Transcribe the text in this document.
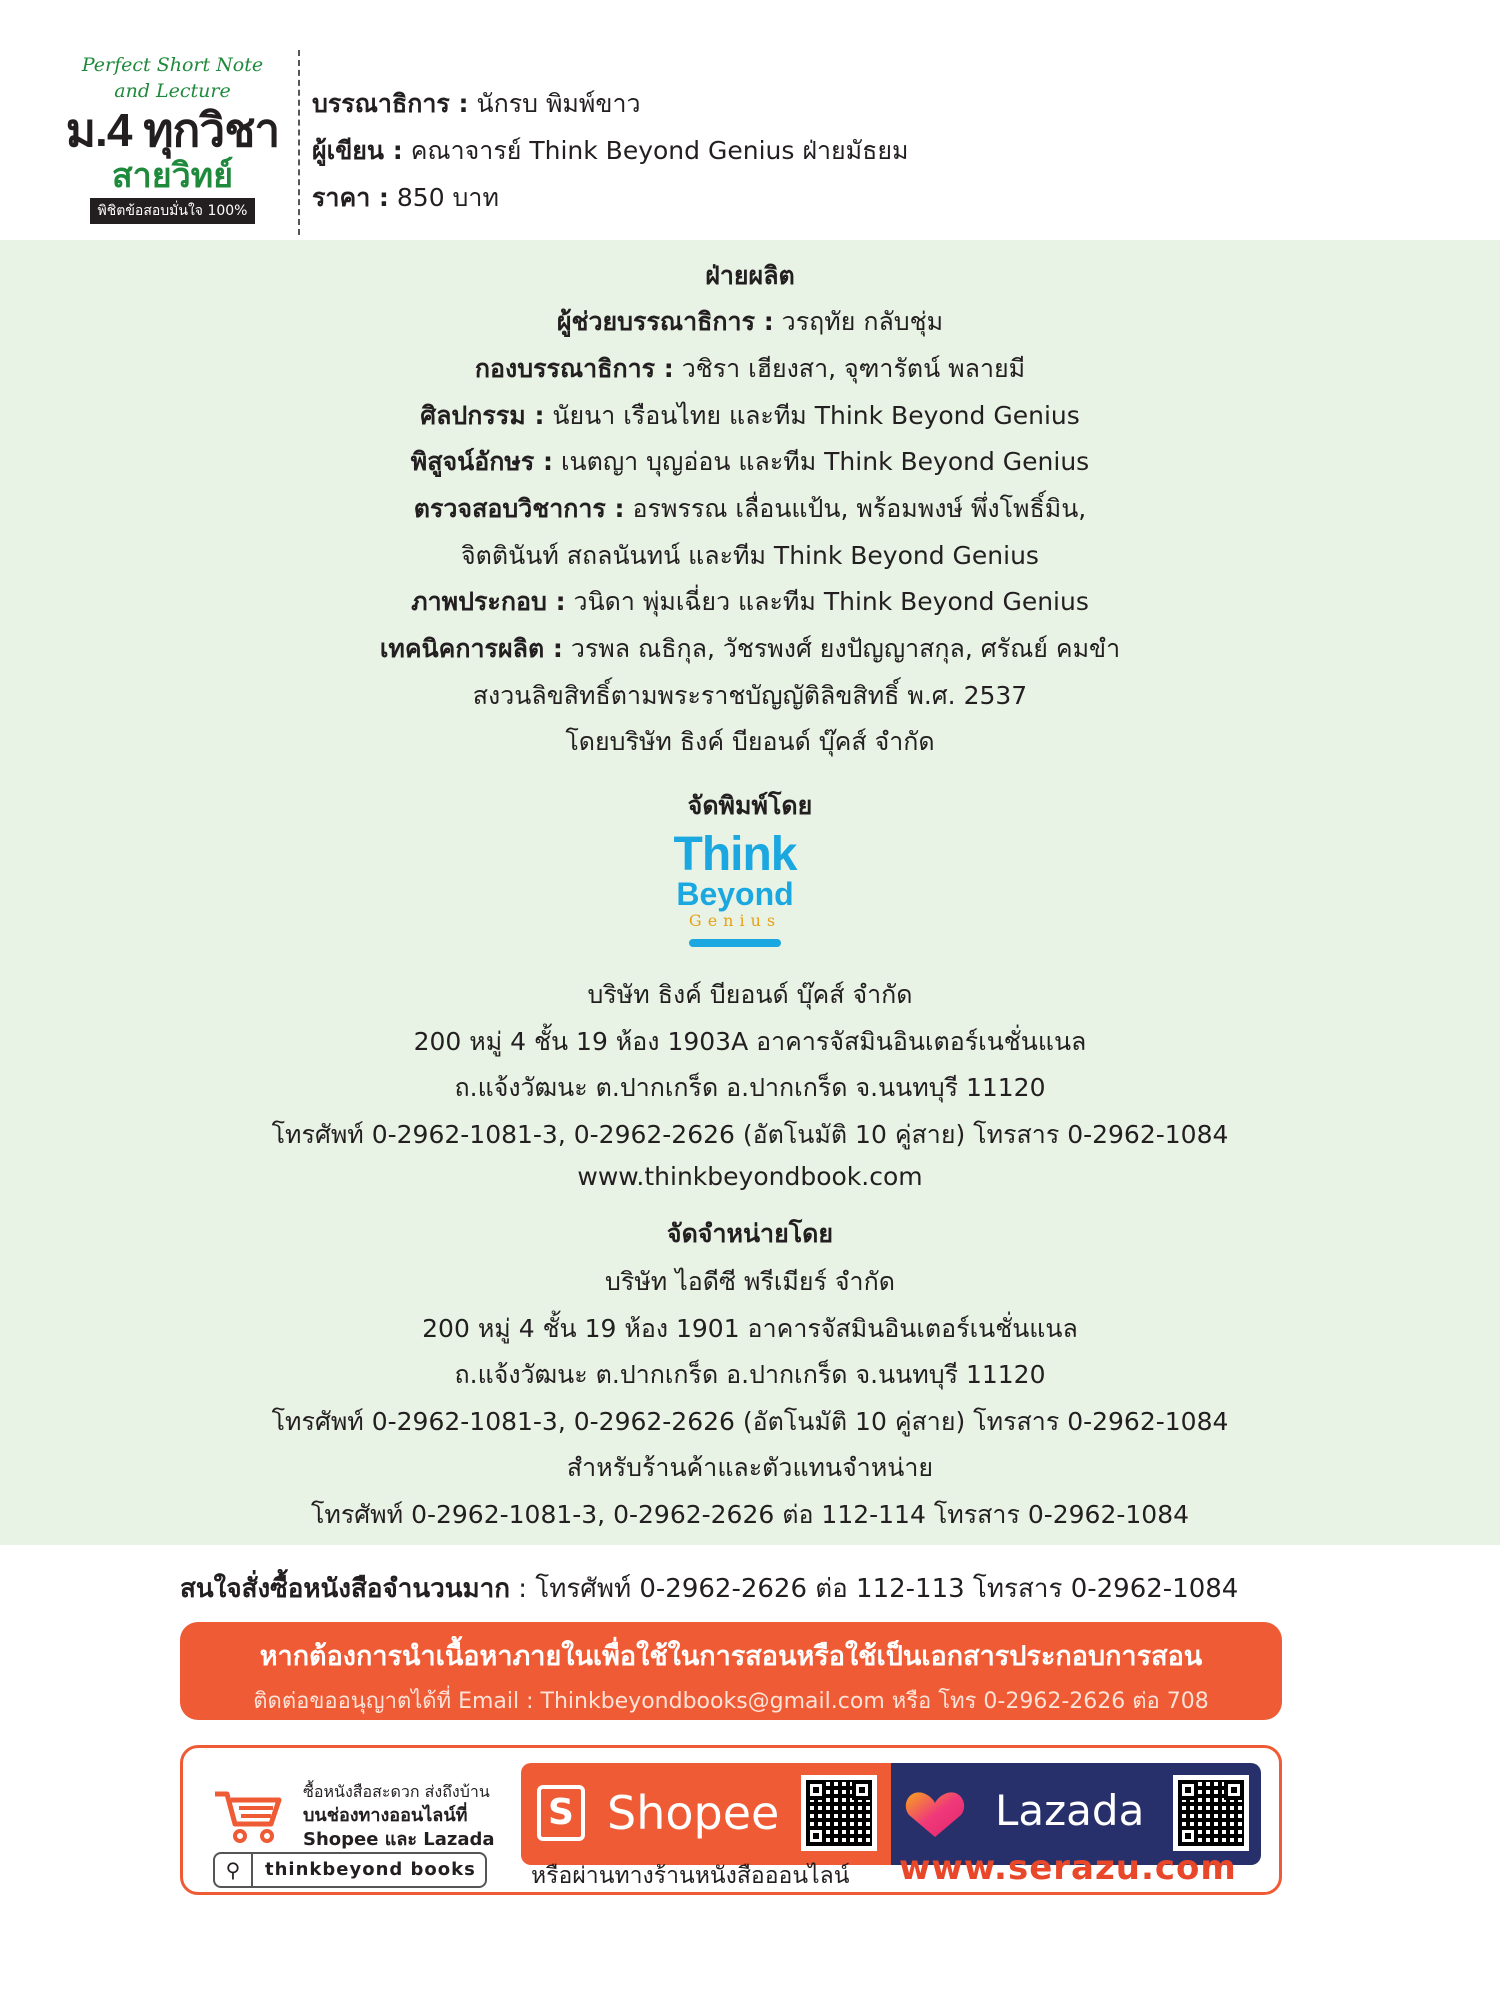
Perfect Short Note
and Lecture
ม.4 ทุกวิชา
สายวิทย์
พิชิตข้อสอบมั่นใจ 100%
บรรณาธิการ : นักรบ พิมพ์ขาว
ผู้เขียน : คณาจารย์ Think Beyond Genius ฝ่ายมัธยม
ราคา : 850 บาท
ฝ่ายผลิต
ผู้ช่วยบรรณาธิการ : วรฤทัย กลับชุ่ม
กองบรรณาธิการ : วชิรา เฮียงสา, จุฑารัตน์ พลายมี
ศิลปกรรม : นัยนา เรือนไทย และทีม Think Beyond Genius
พิสูจน์อักษร : เนตญา บุญอ่อน และทีม Think Beyond Genius
ตรวจสอบวิชาการ : อรพรรณ เลื่อนแป้น, พร้อมพงษ์ พึ่งโพธิ์มิน,
จิตตินันท์ สถลนันทน์ และทีม Think Beyond Genius
ภาพประกอบ : วนิดา พุ่มเฉี่ยว และทีม Think Beyond Genius
เทคนิคการผลิต : วรพล ณธิกุล, วัชรพงศ์ ยงปัญญาสกุล, ศรัณย์ คมขำ
สงวนลิขสิทธิ์ตามพระราชบัญญัติลิขสิทธิ์ พ.ศ. 2537
โดยบริษัท ธิงค์ บียอนด์ บุ๊คส์ จำกัด
จัดพิมพ์โดย
Think
Beyond
Genius
บริษัท ธิงค์ บียอนด์ บุ๊คส์ จำกัด
200 หมู่ 4 ชั้น 19 ห้อง 1903A อาคารจัสมินอินเตอร์เนชั่นแนล
ถ.แจ้งวัฒนะ ต.ปากเกร็ด อ.ปากเกร็ด จ.นนทบุรี 11120
โทรศัพท์ 0-2962-1081-3, 0-2962-2626 (อัตโนมัติ 10 คู่สาย) โทรสาร 0-2962-1084
www.thinkbeyondbook.com
จัดจำหน่ายโดย
บริษัท ไอดีซี พรีเมียร์ จำกัด
200 หมู่ 4 ชั้น 19 ห้อง 1901 อาคารจัสมินอินเตอร์เนชั่นแนล
ถ.แจ้งวัฒนะ ต.ปากเกร็ด อ.ปากเกร็ด จ.นนทบุรี 11120
โทรศัพท์ 0-2962-1081-3, 0-2962-2626 (อัตโนมัติ 10 คู่สาย) โทรสาร 0-2962-1084
สำหรับร้านค้าและตัวแทนจำหน่าย
โทรศัพท์ 0-2962-1081-3, 0-2962-2626 ต่อ 112-114 โทรสาร 0-2962-1084
สนใจสั่งซื้อหนังสือจำนวนมาก : โทรศัพท์ 0-2962-2626 ต่อ 112-113 โทรสาร 0-2962-1084
หากต้องการนำเนื้อหาภายในเพื่อใช้ในการสอนหรือใช้เป็นเอกสารประกอบการสอน
ติดต่อขออนุญาตได้ที่ Email : Thinkbeyondbooks@gmail.com หรือ โทร 0-2962-2626 ต่อ 708
ซื้อหนังสือสะดวก ส่งถึงบ้าน
บนช่องทางออนไลน์ที่
Shopee และ Lazada
⚲	thinkbeyond books
S Shopee	Lazada
หรือผ่านทางร้านหนังสือออนไลน์ www.serazu.com
